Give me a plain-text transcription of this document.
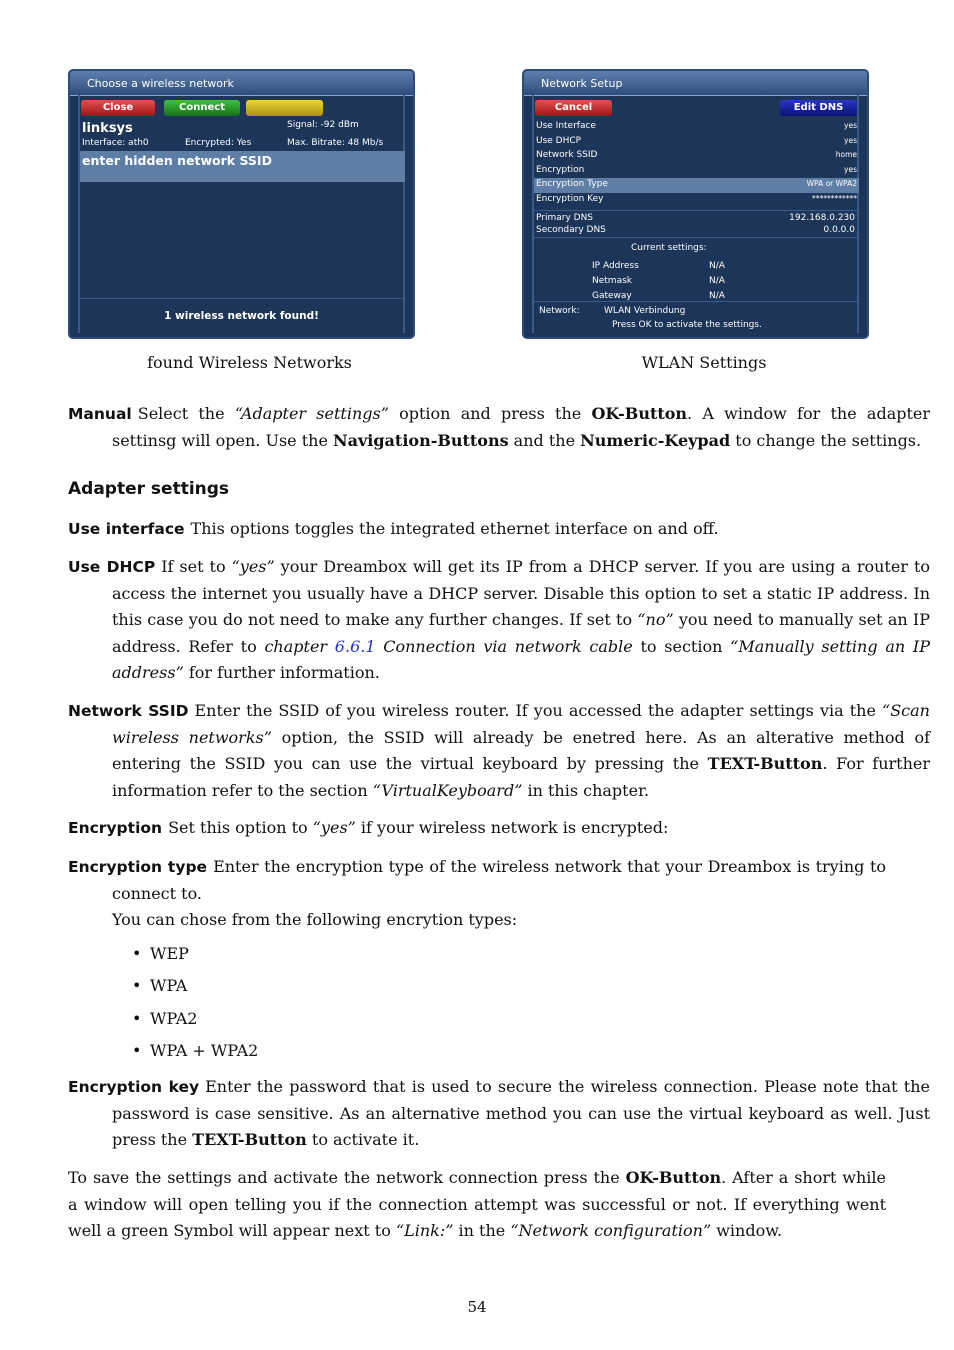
Choose a wireless network
Close	Connect
linksys	Signal: -92 dBm
Interface: ath0	Encrypted: Yes	Max. Bitrate: 48 Mb/s
enter hidden network SSID
1 wireless network found!
Network Setup
Cancel	Edit DNS
Use Interface	yes
Use DHCP	yes
Network SSID	home
Encryption	yes
Encryption Type	WPA or WPA2
Encryption Key	************
Primary DNS	192.168.0.230
Secondary DNS	0.0.0.0
Current settings:
IP Address	N/A
Netmask	N/A
Gateway	N/A
Network:	WLAN Verbindung
Press OK to activate the settings.
found Wireless Networks	WLAN Settings
Manual Select the “Adapter settings” option and press the OK-Button. A window for the adapter settinsg will open. Use the Navigation-Buttons and the Numeric-Keypad to change the settings.
Adapter settings
Use interface This options toggles the integrated ethernet interface on and off.
Use DHCP If set to “yes” your Dreambox will get its IP from a DHCP server. If you are using a router to access the internet you usually have a DHCP server. Disable this option to set a static IP address. In this case you do not need to make any further changes. If set to “no” you need to manually set an IP address. Refer to chapter 6.6.1 Connection via network cable to section “Manually setting an IP address” for further information.
Network SSID Enter the SSID of you wireless router. If you accessed the adapter settings via the “Scan wireless networks” option, the SSID will already be enetred here. As an alterative method of entering the SSID you can use the virtual keyboard by pressing the TEXT-Button. For further information refer to the section “VirtualKeyboard” in this chapter.
Encryption Set this option to “yes” if your wireless network is encrypted:
Encryption type Enter the encryption type of the wireless network that your Dreambox is trying to connect to.
You can chose from the following encrytion types:
• WEP
• WPA
• WPA2
• WPA + WPA2
Encryption key Enter the password that is used to secure the wireless connection. Please note that the password is case sensitive. As an alternative method you can use the virtual keyboard as well. Just press the TEXT-Button to activate it.
To save the settings and activate the network connection press the OK-Button. After a short while a window will open telling you if the connection attempt was successful or not. If everything went well a green Symbol will appear next to “Link:” in the “Network configuration” window.
54
